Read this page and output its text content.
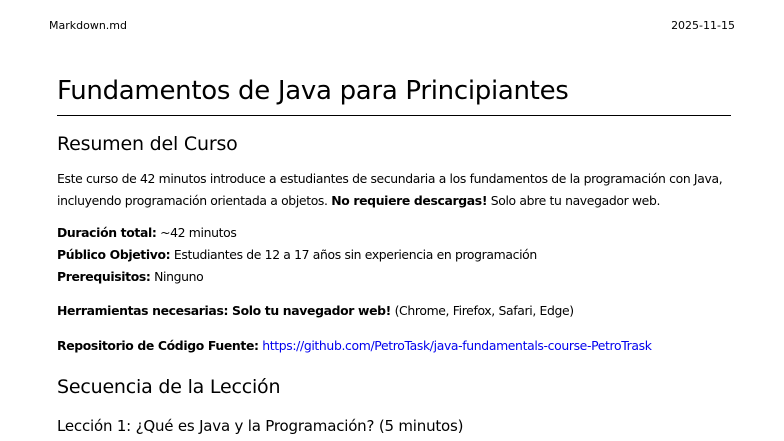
Markdown.md	2025-11-15
Fundamentos de Java para Principiantes
Resumen del Curso

Este curso de 42 minutos introduce a estudiantes de secundaria a los fundamentos de la programación con Java, incluyendo programación orientada a objetos. No requiere descargas! Solo abre tu navegador web.

Duración total: ~42 minutos
Público Objetivo: Estudiantes de 12 a 17 años sin experiencia en programación
Prerequisitos: Ninguno

Herramientas necesarias: Solo tu navegador web! (Chrome, Firefox, Safari, Edge)

Repositorio de Código Fuente: https://github.com/PetroTask/java-fundamentals-course-PetroTrask

Secuencia de la Lección
Lección 1: ¿Qué es Java y la Programación? (5 minutos)
